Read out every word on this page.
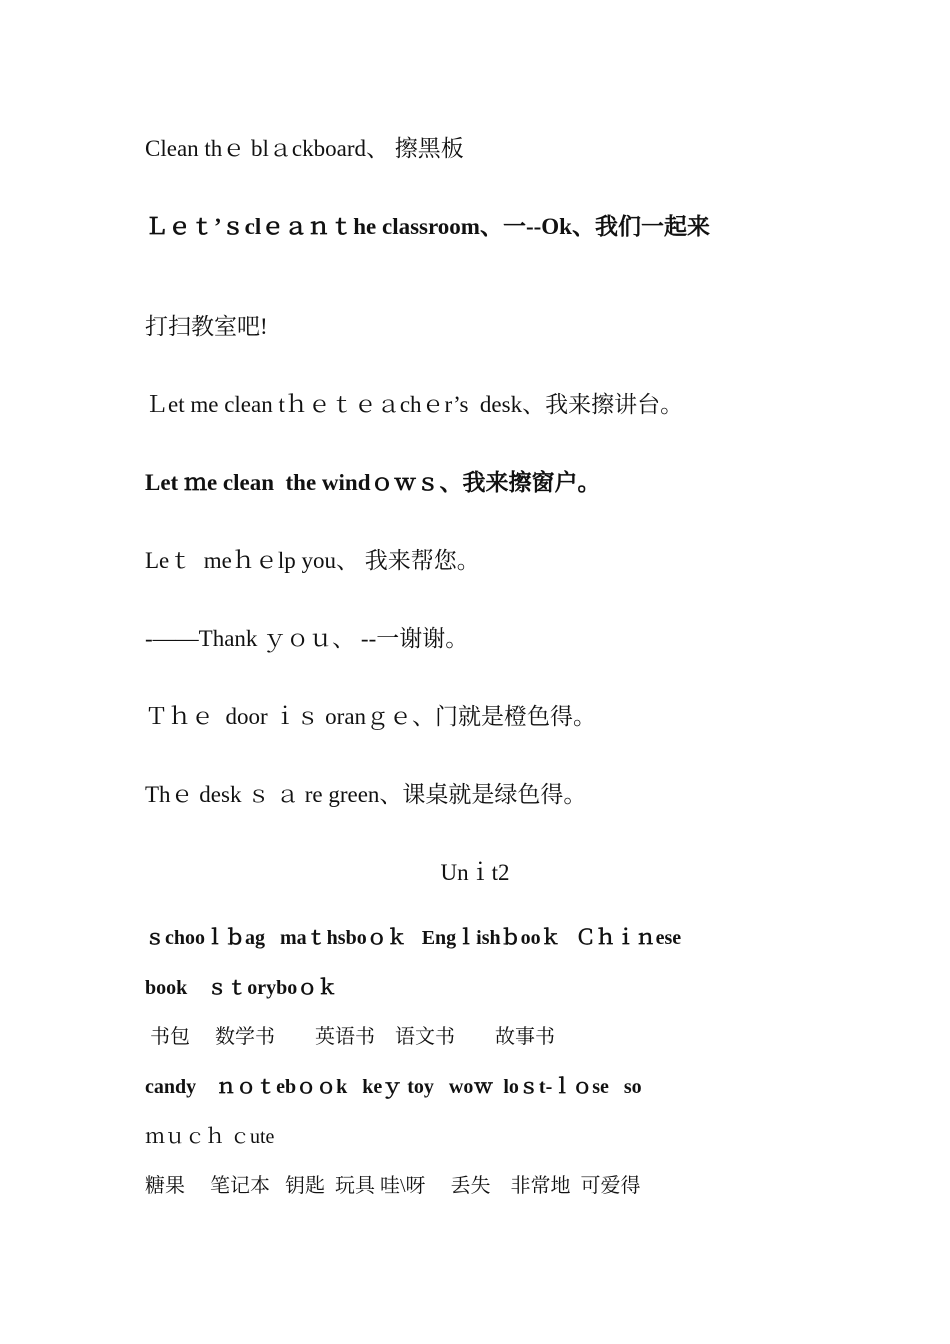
Clean thｅ blａckboard、 擦黑板
Ｌｅｔ’ｓclｅａｎｔhe classroom、一--Ok、我们一起来
打扫教室吧!
Ｌet me clean tｈｅｔｅａchｅr’s  desk、我来擦讲台。
Let ｍe clean  the windｏｗｓ、我来擦窗户。
Leｔ  meｈｅlp you、 我来帮您。
-——Thank ｙｏｕ、 --一谢谢。
Ｔｈｅ  door ｉｓ oranｇｅ、门就是橙色得。
Thｅ desk ｓ ａ re green、课桌就是绿色得。
Unｉt2
ｓchooｌｂag   maｔhsboｏｋ   Engｌishｂooｋ   Ｃｈｉｎese
book    ｓｔoryboｏｋ
书包     数学书        英语书    语文书        故事书
candy    ｎｏｔebｏｏk   keｙ toy   woｗ  loｓt-ｌｏse   so
ｍｕｃｈ ｃute
糖果     笔记本   钥匙  玩具 哇\呀     丢失    非常地  可爱得
